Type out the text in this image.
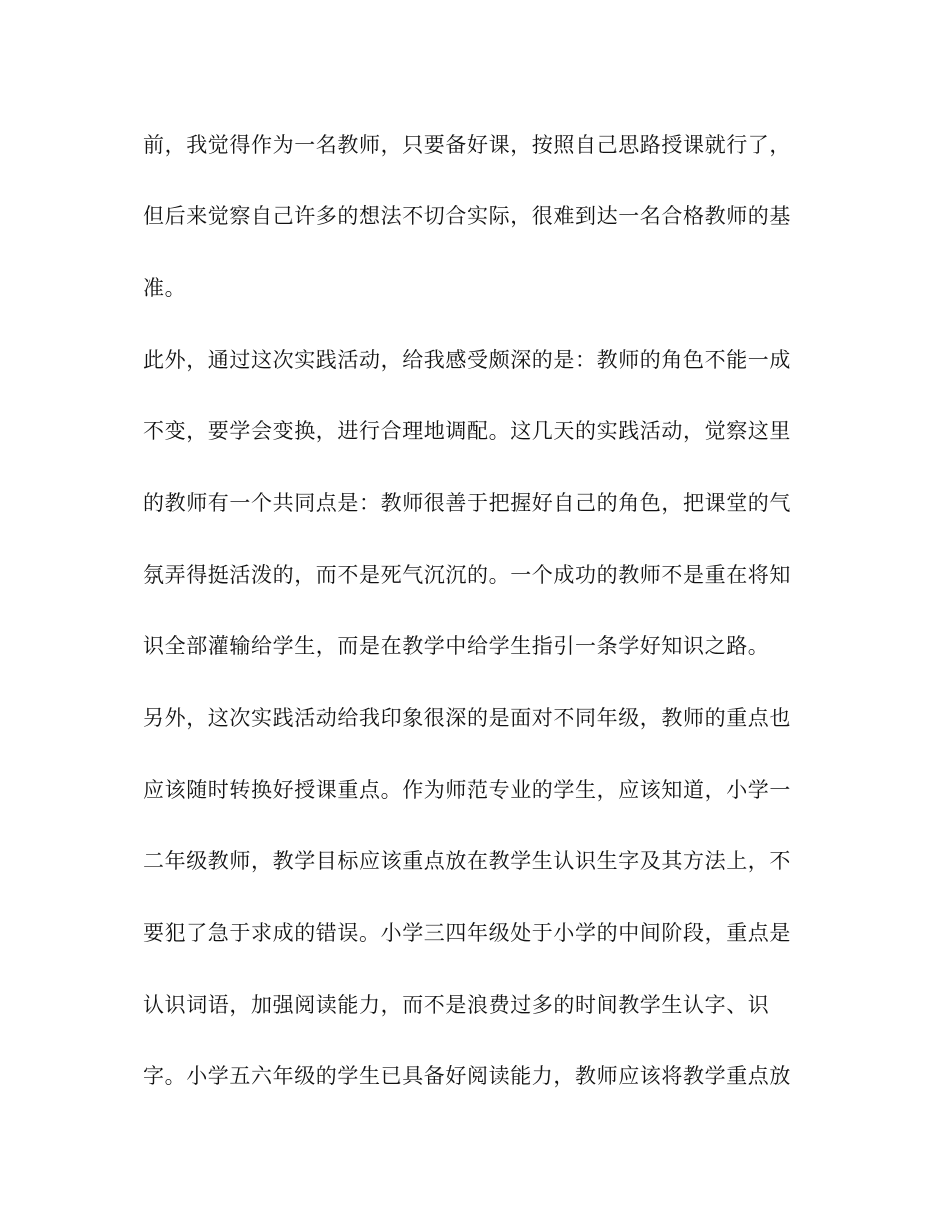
前，我觉得作为一名教师，只要备好课，按照自己思路授课就行了，
但后来觉察自己许多的想法不切合实际，很难到达一名合格教师的基
准。
此外，通过这次实践活动，给我感受颇深的是：教师的角色不能一成
不变，要学会变换，进行合理地调配。这几天的实践活动，觉察这里
的教师有一个共同点是：教师很善于把握好自己的角色，把课堂的气
氛弄得挺活泼的，而不是死气沉沉的。一个成功的教师不是重在将知
识全部灌输给学生，而是在教学中给学生指引一条学好知识之路。
另外，这次实践活动给我印象很深的是面对不同年级，教师的重点也
应该随时转换好授课重点。作为师范专业的学生，应该知道，小学一
二年级教师，教学目标应该重点放在教学生认识生字及其方法上，不
要犯了急于求成的错误。小学三四年级处于小学的中间阶段，重点是
认识词语，加强阅读能力，而不是浪费过多的时间教学生认字、识
字。小学五六年级的学生已具备好阅读能力，教师应该将教学重点放
